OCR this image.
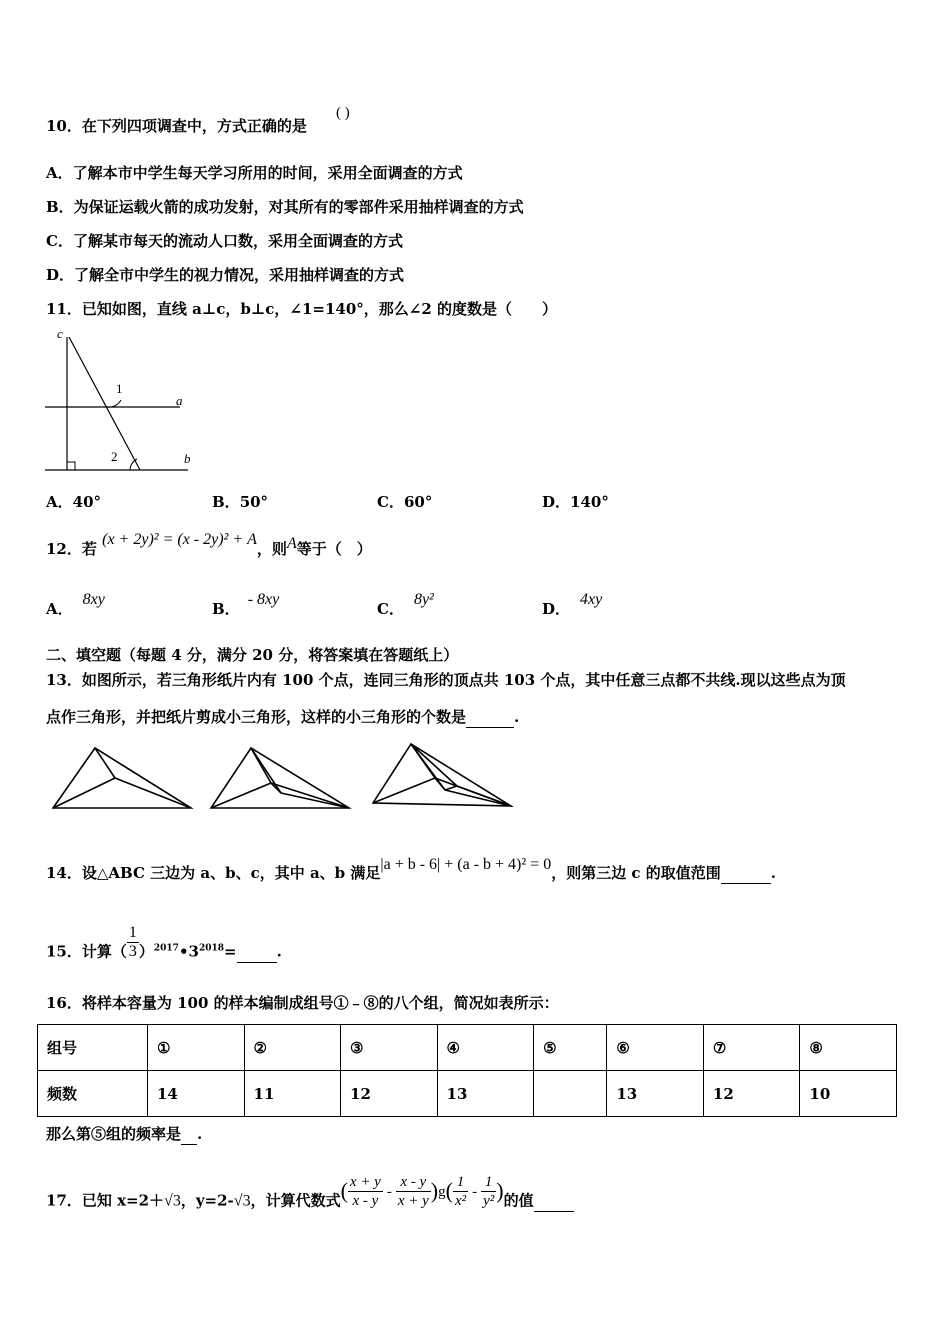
10．在下列四项调查中，方式正确的是
( )
A．了解本市中学生每天学习所用的时间，采用全面调查的方式
B．为保证运载火箭的成功发射，对其所有的零部件采用抽样调查的方式
C．了解某市每天的流动人口数，采用全面调查的方式
D．了解全市中学生的视力情况，采用抽样调查的方式
11．已知如图，直线 a⊥c，b⊥c，∠1=140°，那么∠2 的度数是（　　）
c
a
b
1
2
A．40°	B．50°	C．60°	D．140°
12．若 (x + 2y)² = (x - 2y)² + A，则A等于（　）
A．8xy
B．- 8xy
C．8y²
D．4xy
二、填空题（每题 4 分，满分 20 分，将答案填在答题纸上）
13．如图所示，若三角形纸片内有 100 个点，连同三角形的顶点共 103 个点，其中任意三点都不共线.现以这些点为顶
点作三角形，并把纸片剪成小三角形，这样的小三角形的个数是	.
14．设△ABC 三边为 a、b、c，其中 a、b 满足|a + b - 6| + (a - b + 4)² = 0，则第三边 c 的取值范围	.
15．计算（ $\frac{1}{3}$ ）$^{2017}•3^{2018}=$	.
16．将样本容量为 100 的样本编制成组号①﹣⑧的八个组，简况如表所示：
组号	①	②	③	④	⑤	⑥	⑦	⑧
频数	14	11	12	13		13	12	10
那么第⑤组的频率是 .
17．已知 x=2＋√3，y=2-√3，计算代数式( $\frac{x + y}{x - y} - \frac{x - y}{x + y} )g( \frac{1}{\text{x²}} - \frac{1}{\text{y²}}$ )的值
